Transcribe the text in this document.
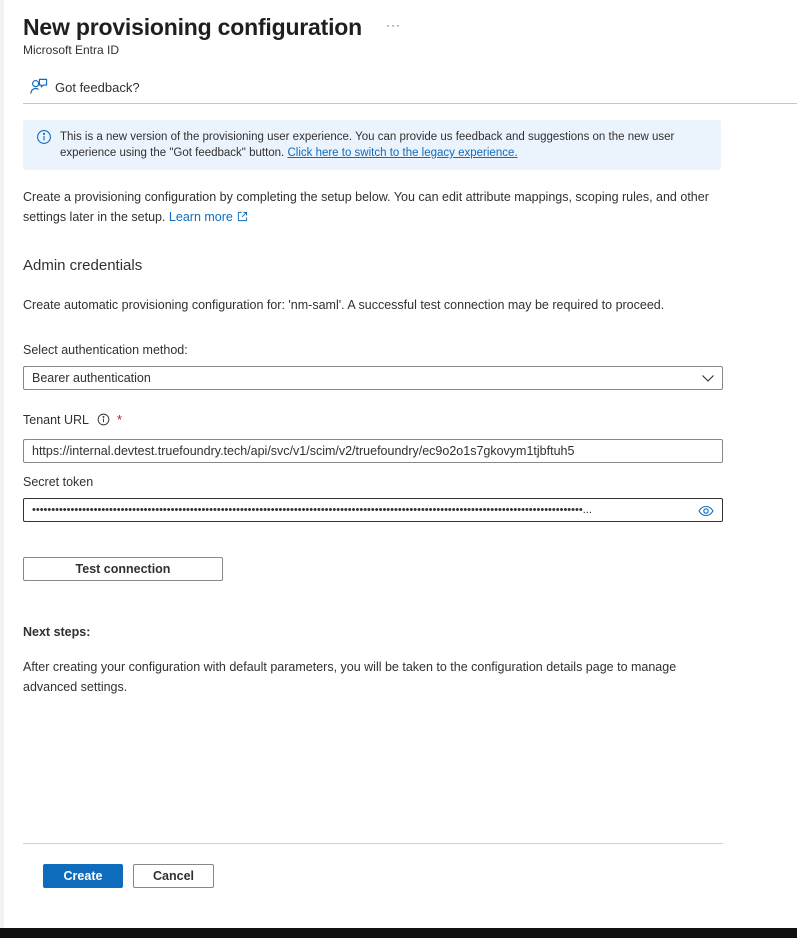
New provisioning configuration ···
Microsoft Entra ID
Got feedback?
This is a new version of the provisioning user experience. You can provide us feedback and suggestions on the new user experience using the "Got feedback" button. Click here to switch to the legacy experience.
Create a provisioning configuration by completing the setup below. You can edit attribute mappings, scoping rules, and other settings later in the setup. Learn more
Admin credentials
Create automatic provisioning configuration for: 'nm-saml'. A successful test connection may be required to proceed.
Select authentication method:
Bearer authentication
Tenant URL *
https://internal.devtest.truefoundry.tech/api/svc/v1/scim/v2/truefoundry/ec9o2o1s7gkovym1tjbftuh5
Secret token
•••••••••••••••••••••••••••••••••••••••••••••••••••••••••••••••••••••••••••••••••••••••••••••••••••••••••••••••••••••••••••••••••••••••••••••••...
Test connection
Next steps:
After creating your configuration with default parameters, you will be taken to the configuration details page to manage advanced settings.
Create	Cancel
